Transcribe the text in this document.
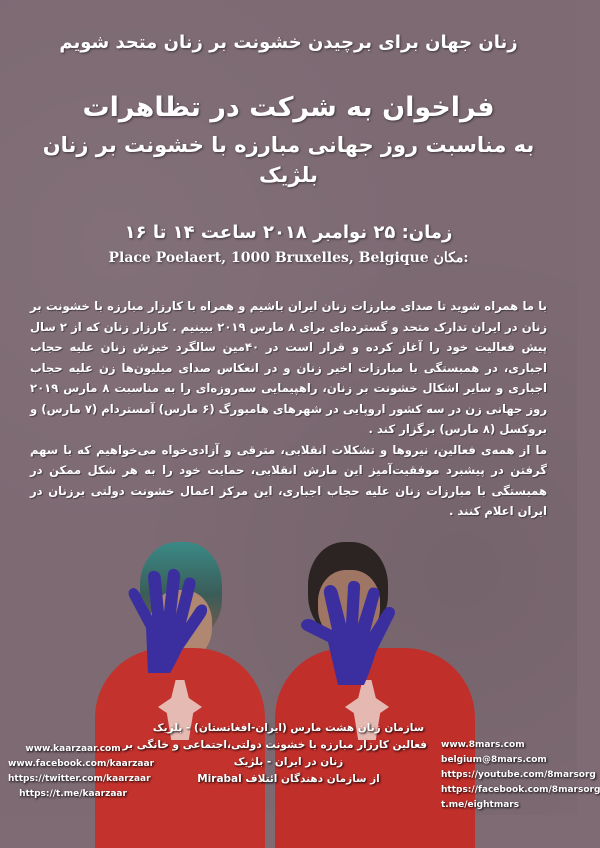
زنان جهان برای برچیدن خشونت بر زنان متحد شویم
فراخوان به شرکت در تظاهرات
به مناسبت روز جهانی مبارزه با خشونت بر زنان
بلژیک
زمان: ۲۵ نوامبر ۲۰۱۸ ساعت ۱۴ تا ۱۶
:مکان Place Poelaert, 1000 Bruxelles, Belgique

با ما همراه شوید تا صدای مبارزات زنان ایران باشیم و همراه با کارزار مبارزه با خشونت بر زنان در ایران تدارک متحد و گسترده‌ای برای ۸ مارس ۲۰۱۹ ببینیم . کارزار زنان که از ۲ سال پیش فعالیت خود را آغاز کرده و قرار است در ۴۰مین سالگرد خیزش زنان علیه حجاب اجباری، در همبستگی با مبارزات اخیر زنان و در انعکاس صدای میلیون‌ها زن علیه حجاب اجباری و سایر اشکال خشونت بر زنان، راهپیمایی سه‌روزه‌ای را به مناسبت ۸ مارس ۲۰۱۹ روز جهانی زن در سه کشور اروپایی در شهرهای هامبورگ (۶ مارس) آمستردام (۷ مارس) و بروکسل (۸ مارس) برگزار کند .

ما از همه‌ی فعالین، نیروها و تشکلات انقلابی، مترقی و آزادی‌خواه می‌خواهیم که با سهم گرفتن در پیشبرد موفقیت‌آمیز این مارش انقلابی، حمایت خود را به هر شکل ممکن در همبستگی با مبارزات زنان علیه حجاب اجباری، این مرکز اعمال خشونت دولتی برزنان در ایران اعلام کنند .

www.kaarzaar.com
www.facebook.com/kaarzaar
https://twitter.com/kaarzaar
https://t.me/kaarzaar
سازمان زنان هشت مارس (ایران-افغانستان) - بلژیک
فعالین کارزار مبارزه با خشونت دولتی،اجتماعی و خانگی بر
زنان در ایران - بلژیک
از سازمان دهندگان ائتلاف Mirabal
www.8mars.com
belgium@8mars.com
https://youtube.com/8marsorg
https://facebook.com/8marsorg
t.me/eightmars
